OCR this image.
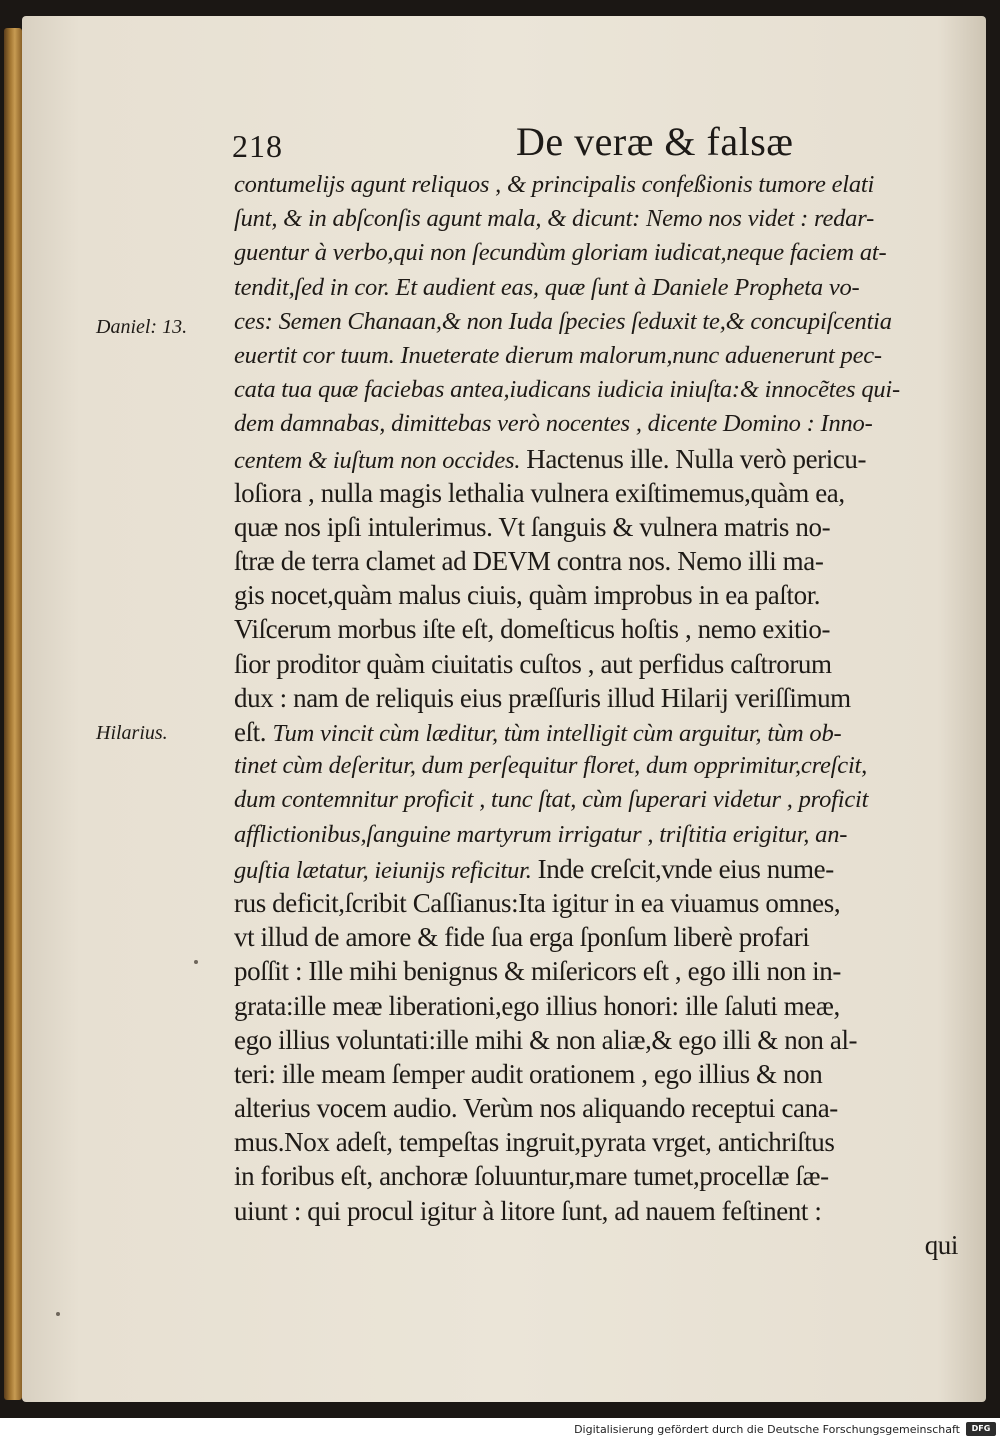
218	De veræ & falsæ
Daniel: 13.
Hilarius.
contumelijs agunt reliquos , & principalis confeßionis tumore elati
ſunt, & in abſconſis agunt mala, & dicunt: Nemo nos videt : redar-
guentur à verbo,qui non ſecundùm gloriam iudicat,neque faciem at-
tendit,ſed in cor. Et audient eas, quæ ſunt à Daniele Propheta vo-
ces: Semen Chanaan,& non Iuda ſpecies ſeduxit te,& concupiſcentia
euertit cor tuum. Inueterate dierum malorum,nunc aduenerunt pec-
cata tua quæ faciebas antea,iudicans iudicia iniuſta:& innocẽtes qui-
dem damnabas, dimittebas verò nocentes , dicente Domino : Inno-
centem & iuſtum non occides. Hactenus ille. Nulla verò pericu-
loſiora , nulla magis lethalia vulnera exiſtimemus,quàm ea,
quæ nos ipſi intulerimus. Vt ſanguis & vulnera matris no-
ſtræ de terra clamet ad DEVM contra nos. Nemo illi ma-
gis nocet,quàm malus ciuis, quàm improbus in ea paſtor.
Viſcerum morbus iſte eſt, domeſticus hoſtis , nemo exitio-
ſior proditor quàm ciuitatis cuſtos , aut perfidus caſtrorum
dux : nam de reliquis eius præſſuris illud Hilarij veriſſimum
eſt. Tum vincit cùm læditur, tùm intelligit cùm arguitur, tùm ob-
tinet cùm deſeritur, dum perſequitur floret, dum opprimitur,creſcit,
dum contemnitur proficit , tunc ſtat, cùm ſuperari videtur , proficit
afflictionibus,ſanguine martyrum irrigatur , triſtitia erigitur, an-
guſtia lætatur, ieiunijs reficitur. Inde creſcit,vnde eius nume-
rus deficit,ſcribit Caſſianus:Ita igitur in ea viuamus omnes,
vt illud de amore & fide ſua erga ſponſum liberè profari
poſſit : Ille mihi benignus & miſericors eſt , ego illi non in-
grata:ille meæ liberationi,ego illius honori: ille ſaluti meæ,
ego illius voluntati:ille mihi & non aliæ,& ego illi & non al-
teri: ille meam ſemper audit orationem , ego illius & non
alterius vocem audio. Verùm nos aliquando receptui cana-
mus.Nox adeſt, tempeſtas ingruit,pyrata vrget, antichriſtus
in foribus eſt, anchoræ ſoluuntur,mare tumet,procellæ ſæ-
uiunt : qui procul igitur à litore ſunt, ad nauem feſtinent :
qui
Digitalisierung gefördert durch die Deutsche Forschungsgemeinschaft	DFG
